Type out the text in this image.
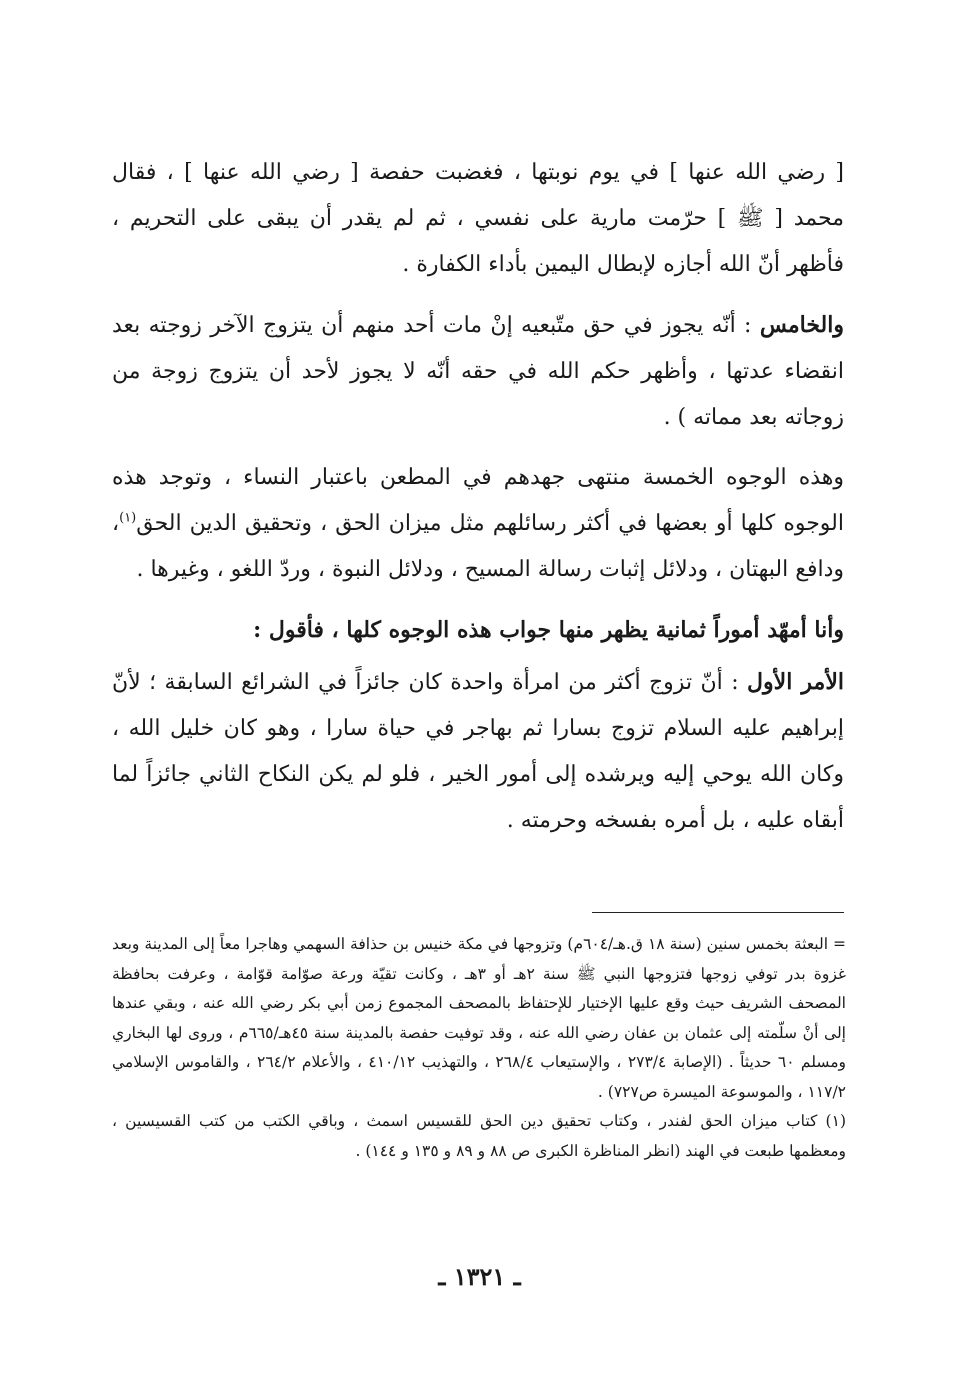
[ رضي الله عنها ] في يوم نوبتها ، فغضبت حفصة [ رضي الله عنها ] ، فقال محمد [ ﷺ ] حرّمت مارية على نفسي ، ثم لم يقدر أن يبقى على التحريم ، فأظهر أنّ الله أجازه لإبطال اليمين بأداء الكفارة .

والخامس : أنّه يجوز في حق متّبعيه إنْ مات أحد منهم أن يتزوج الآخر زوجته بعد انقضاء عدتها ، وأظهر حكم الله في حقه أنّه لا يجوز لأحد أن يتزوج زوجة من زوجاته بعد مماته ) .

وهذه الوجوه الخمسة منتهى جهدهم في المطعن باعتبار النساء ، وتوجد هذه الوجوه كلها أو بعضها في أكثر رسائلهم مثل ميزان الحق ، وتحقيق الدين الحق$^{(١)}$، ودافع البهتان ، ودلائل إثبات رسالة المسيح ، ودلائل النبوة ، وردّ اللغو ، وغيرها .

وأنا أمهّد أموراً ثمانية يظهر منها جواب هذه الوجوه كلها ، فأقول :

الأمر الأول : أنّ تزوج أكثر من امرأة واحدة كان جائزاً في الشرائع السابقة ؛ لأنّ إبراهيم عليه السلام تزوج بسارا ثم بهاجر في حياة سارا ، وهو كان خليل الله ، وكان الله يوحي إليه ويرشده إلى أمور الخير ، فلو لم يكن النكاح الثاني جائزاً لما أبقاه عليه ، بل أمره بفسخه وحرمته .

= البعثة بخمس سنين (سنة ١٨ ق.هـ/٦٠٤م) وتزوجها في مكة خنيس بن حذافة السهمي وهاجرا معاً إلى المدينة وبعد غزوة بدر توفي زوجها فتزوجها النبي ﷺ سنة ٢هـ أو ٣هـ ، وكانت تقيّة ورعة صوّامة قوّامة ، وعرفت بحافظة المصحف الشريف حيث وقع عليها الإختيار للإحتفاظ بالمصحف المجموع زمن أبي بكر رضي الله عنه ، وبقي عندها إلى أنْ سلّمته إلى عثمان بن عفان رضي الله عنه ، وقد توفيت حفصة بالمدينة سنة ٤٥هـ/٦٦٥م ، وروى لها البخاري ومسلم ٦٠ حديثاً . (الإصابة ٢٧٣/٤ ، والإستيعاب ٢٦٨/٤ ، والتهذيب ٤١٠/١٢ ، والأعلام ٢٦٤/٢ ، والقاموس الإسلامي ١١٧/٢ ، والموسوعة الميسرة ص٧٢٧) .

(١) كتاب ميزان الحق لفندر ، وكتاب تحقيق دين الحق للقسيس اسمث ، وباقي الكتب من كتب القسيسين ، ومعظمها طبعت في الهند (انظر المناظرة الكبرى ص ٨٨ و ٨٩ و ١٣٥ و ١٤٤) .

ـ ١٣٢١ ـ
